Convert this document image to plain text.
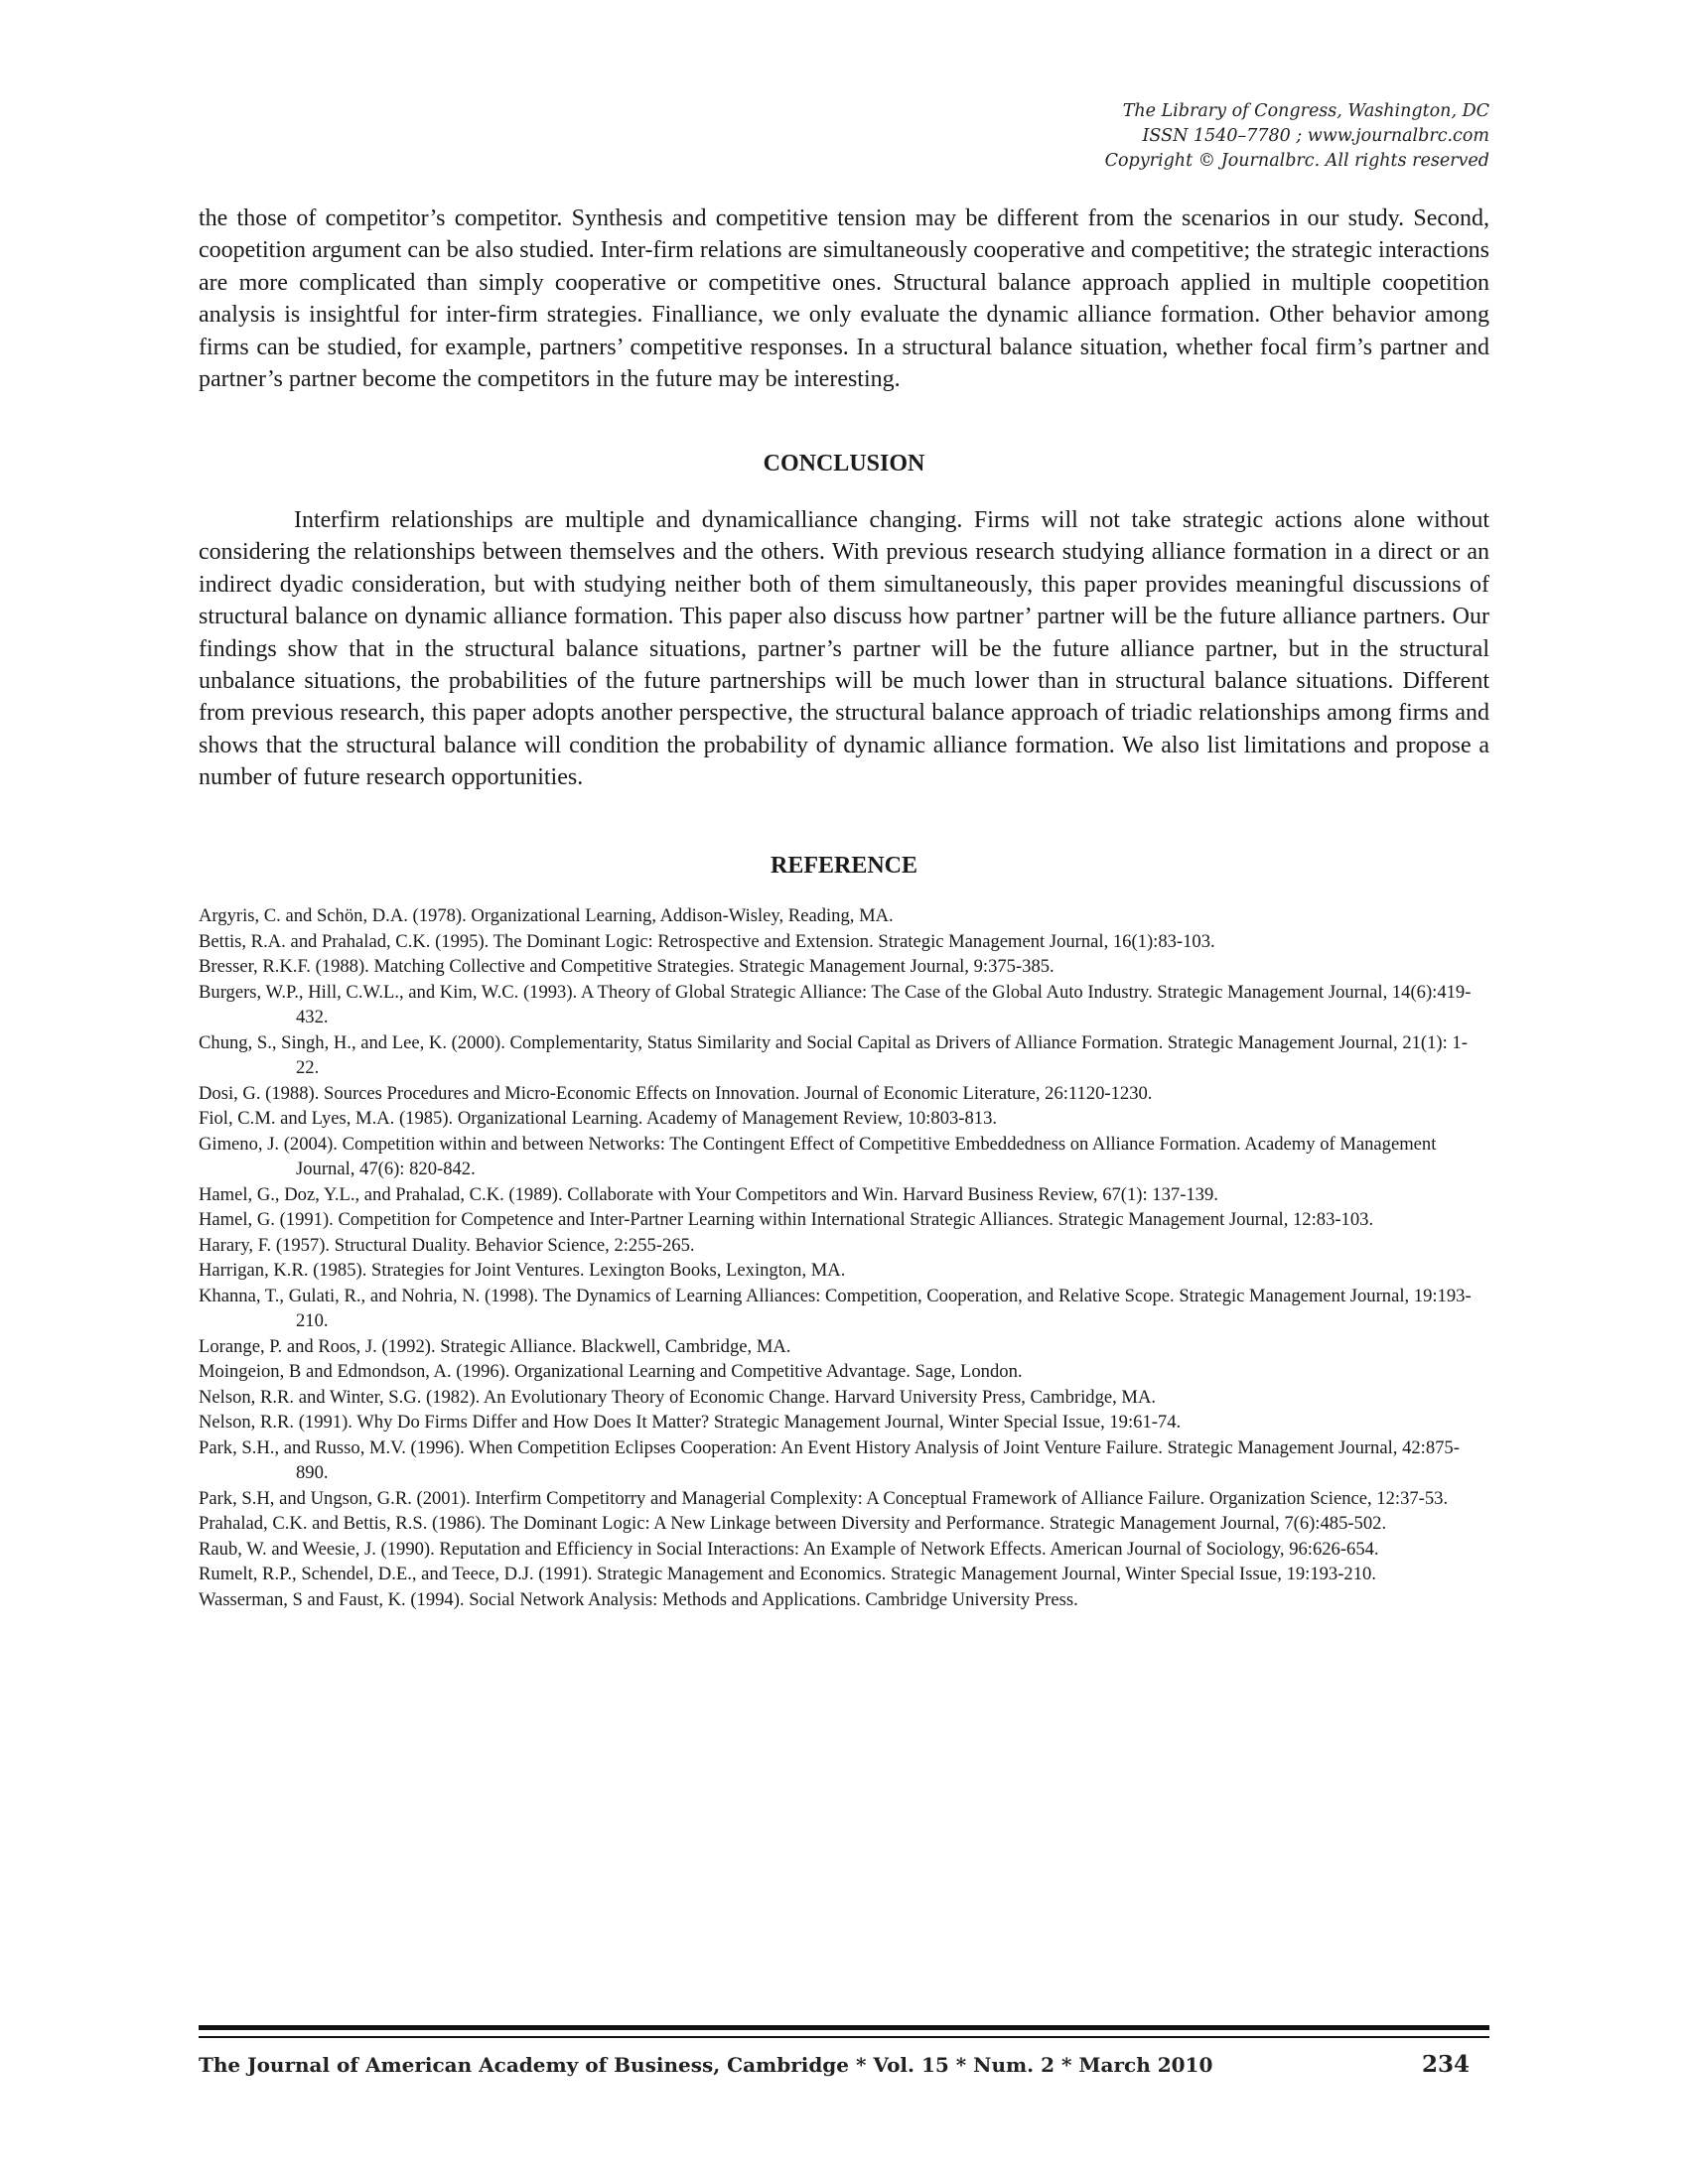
The Library of Congress, Washington, DC
ISSN 1540–7780 ; www.journalbrc.com
Copyright © Journalbrc. All rights reserved

the those of competitor’s competitor. Synthesis and competitive tension may be different from the scenarios in our study. Second, coopetition argument can be also studied. Inter-firm relations are simultaneously cooperative and competitive; the strategic interactions are more complicated than simply cooperative or competitive ones. Structural balance approach applied in multiple coopetition analysis is insightful for inter-firm strategies. Finalliance, we only evaluate the dynamic alliance formation. Other behavior among firms can be studied, for example, partners’ competitive responses. In a structural balance situation, whether focal firm’s partner and partner’s partner become the competitors in the future may be interesting.

CONCLUSION

Interfirm relationships are multiple and dynamicalliance changing. Firms will not take strategic actions alone without considering the relationships between themselves and the others. With previous research studying alliance formation in a direct or an indirect dyadic consideration, but with studying neither both of them simultaneously, this paper provides meaningful discussions of structural balance on dynamic alliance formation. This paper also discuss how partner’ partner will be the future alliance partners. Our findings show that in the structural balance situations, partner’s partner will be the future alliance partner, but in the structural unbalance situations, the probabilities of the future partnerships will be much lower than in structural balance situations. Different from previous research, this paper adopts another perspective, the structural balance approach of triadic relationships among firms and shows that the structural balance will condition the probability of dynamic alliance formation. We also list limitations and propose a number of future research opportunities.

REFERENCE
Argyris, C. and Schön, D.A. (1978). Organizational Learning, Addison-Wisley, Reading, MA.
Bettis, R.A. and Prahalad, C.K. (1995). The Dominant Logic: Retrospective and Extension. Strategic Management Journal, 16(1):83-103.
Bresser, R.K.F. (1988). Matching Collective and Competitive Strategies. Strategic Management Journal, 9:375-385.
Burgers, W.P., Hill, C.W.L., and Kim, W.C. (1993). A Theory of Global Strategic Alliance: The Case of the Global Auto Industry. Strategic Management Journal, 14(6):419-432.
Chung, S., Singh, H., and Lee, K. (2000). Complementarity, Status Similarity and Social Capital as Drivers of Alliance Formation. Strategic Management Journal, 21(1): 1-22.
Dosi, G. (1988). Sources Procedures and Micro-Economic Effects on Innovation. Journal of Economic Literature, 26:1120-1230.
Fiol, C.M. and Lyes, M.A. (1985). Organizational Learning. Academy of Management Review, 10:803-813.
Gimeno, J. (2004). Competition within and between Networks: The Contingent Effect of Competitive Embeddedness on Alliance Formation. Academy of Management Journal, 47(6): 820-842.
Hamel, G., Doz, Y.L., and Prahalad, C.K. (1989). Collaborate with Your Competitors and Win. Harvard Business Review, 67(1): 137-139.
Hamel, G. (1991). Competition for Competence and Inter-Partner Learning within International Strategic Alliances. Strategic Management Journal, 12:83-103.
Harary, F. (1957). Structural Duality. Behavior Science, 2:255-265.
Harrigan, K.R. (1985). Strategies for Joint Ventures. Lexington Books, Lexington, MA.
Khanna, T., Gulati, R., and Nohria, N. (1998). The Dynamics of Learning Alliances: Competition, Cooperation, and Relative Scope. Strategic Management Journal, 19:193-210.
Lorange, P. and Roos, J. (1992). Strategic Alliance. Blackwell, Cambridge, MA.
Moingeion, B and Edmondson, A. (1996). Organizational Learning and Competitive Advantage. Sage, London.
Nelson, R.R. and Winter, S.G. (1982). An Evolutionary Theory of Economic Change. Harvard University Press, Cambridge, MA.
Nelson, R.R. (1991). Why Do Firms Differ and How Does It Matter? Strategic Management Journal, Winter Special Issue, 19:61-74.
Park, S.H., and Russo, M.V. (1996). When Competition Eclipses Cooperation: An Event History Analysis of Joint Venture Failure. Strategic Management Journal, 42:875-890.
Park, S.H, and Ungson, G.R. (2001). Interfirm Competitorry and Managerial Complexity: A Conceptual Framework of Alliance Failure. Organization Science, 12:37-53.
Prahalad, C.K. and Bettis, R.S. (1986). The Dominant Logic: A New Linkage between Diversity and Performance. Strategic Management Journal, 7(6):485-502.
Raub, W. and Weesie, J. (1990). Reputation and Efficiency in Social Interactions: An Example of Network Effects. American Journal of Sociology, 96:626-654.
Rumelt, R.P., Schendel, D.E., and Teece, D.J. (1991). Strategic Management and Economics. Strategic Management Journal, Winter Special Issue, 19:193-210.
Wasserman, S and Faust, K. (1994). Social Network Analysis: Methods and Applications. Cambridge University Press.
The Journal of American Academy of Business, Cambridge * Vol. 15 * Num. 2 * March 2010	234
